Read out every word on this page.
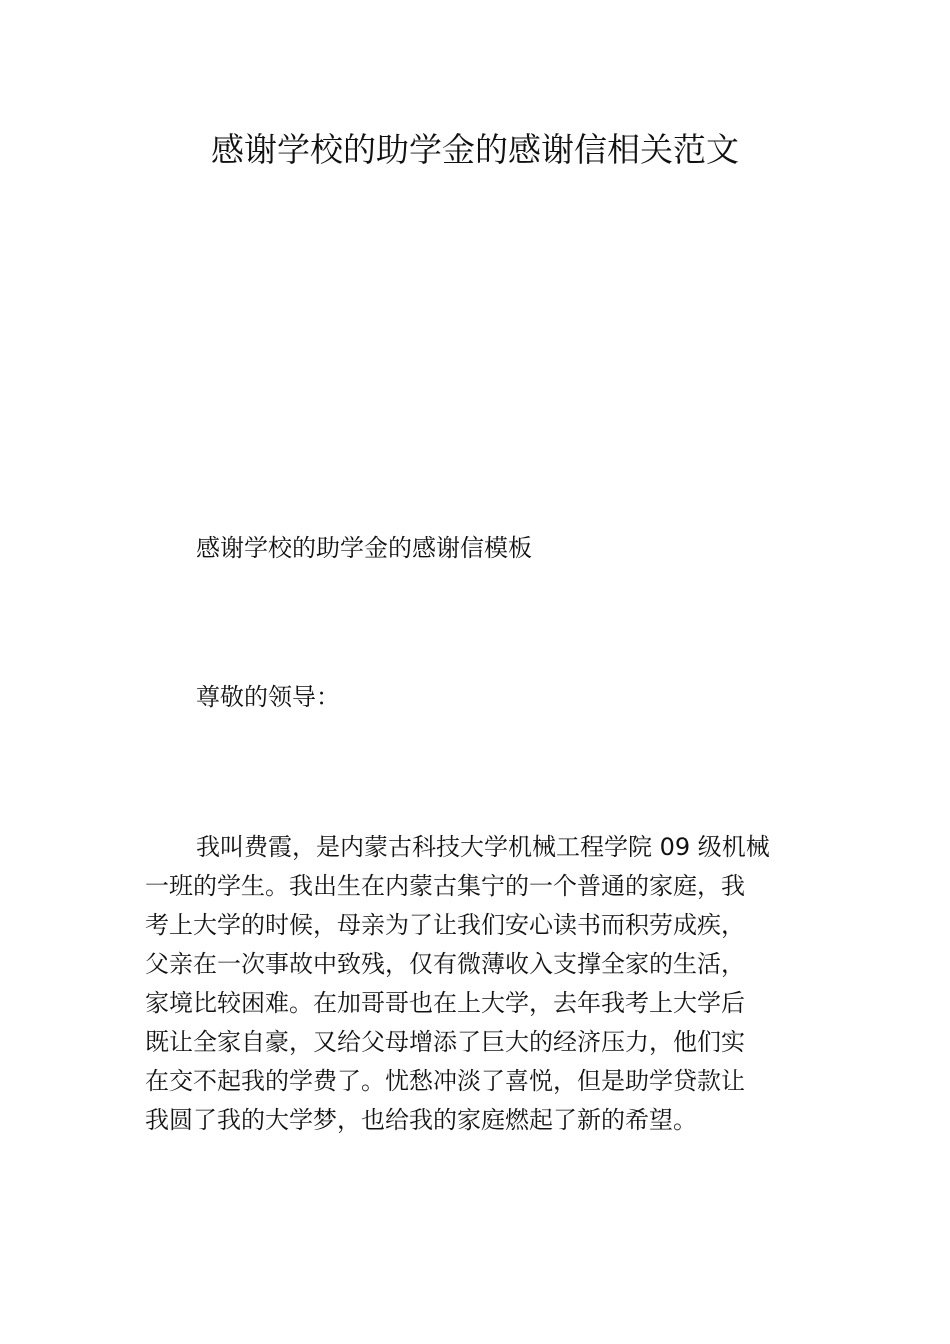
感谢学校的助学金的感谢信相关范文
感谢学校的助学金的感谢信模板
尊敬的领导：
我叫费霞，是内蒙古科技大学机械工程学院 09 级机械
一班的学生。我出生在内蒙古集宁的一个普通的家庭，我
考上大学的时候，母亲为了让我们安心读书而积劳成疾，
父亲在一次事故中致残，仅有微薄收入支撑全家的生活，
家境比较困难。在加哥哥也在上大学，去年我考上大学后
既让全家自豪，又给父母增添了巨大的经济压力，他们实
在交不起我的学费了。忧愁冲淡了喜悦，但是助学贷款让
我圆了我的大学梦，也给我的家庭燃起了新的希望。
